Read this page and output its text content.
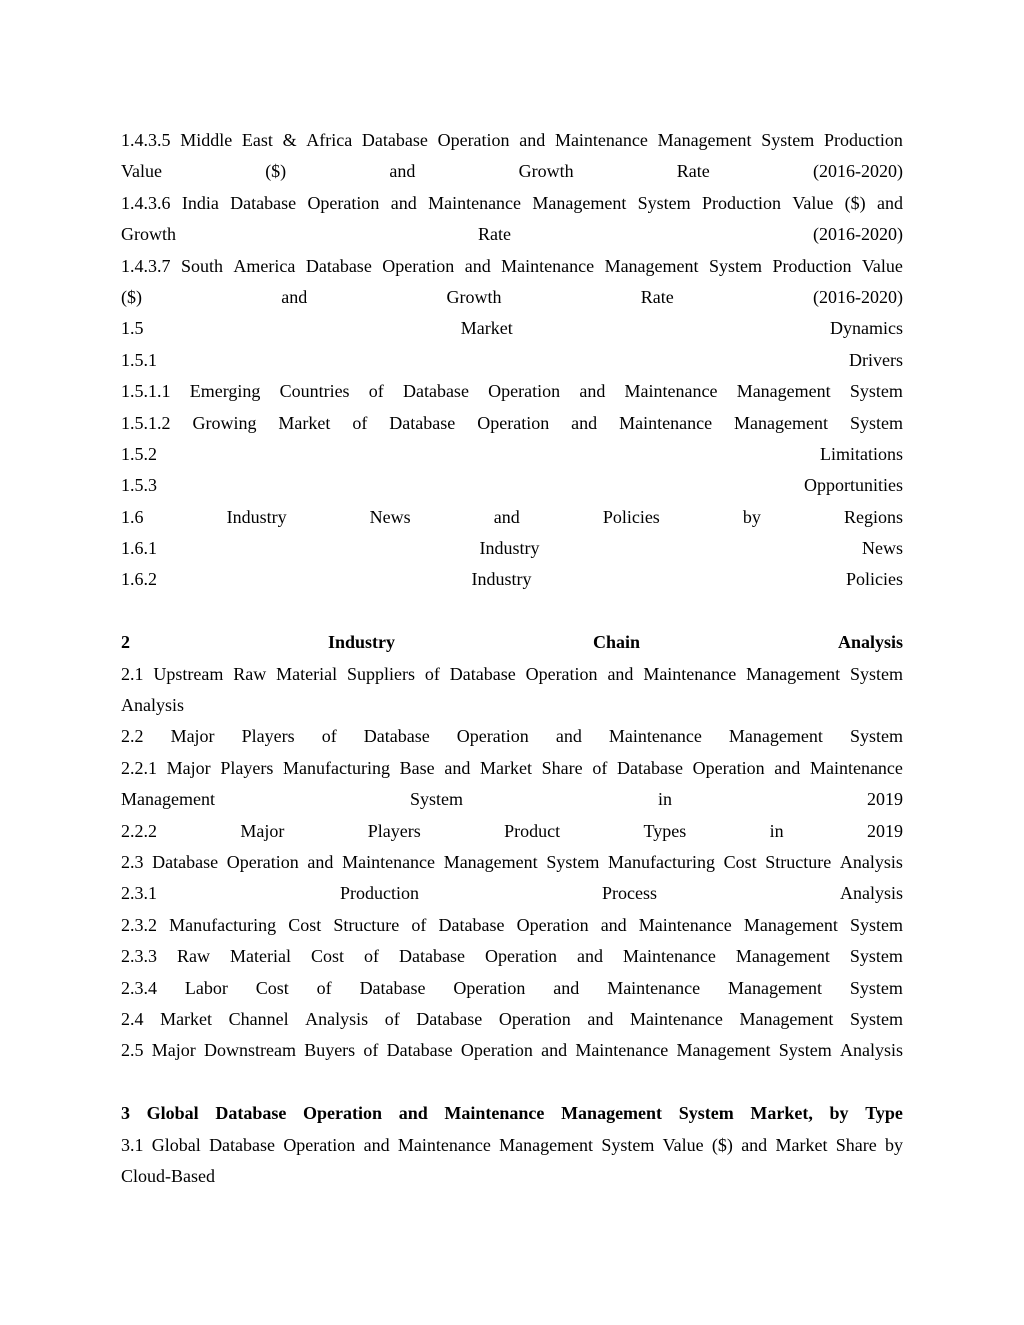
1.4.3.5 Middle East & Africa Database Operation and Maintenance Management System Production
Value	($)	and	Growth	Rate	(2016-2020)
1.4.3.6 India Database Operation and Maintenance Management System Production Value ($) and
Growth	Rate	(2016-2020)
1.4.3.7 South America Database Operation and Maintenance Management System Production Value
($)	and	Growth	Rate	(2016-2020)
1.5	Market	Dynamics
1.5.1	Drivers
1.5.1.1 Emerging Countries of Database Operation and Maintenance Management System
1.5.1.2 Growing Market of Database Operation and Maintenance Management System
1.5.2	Limitations
1.5.3	Opportunities
1.6	Industry	News	and	Policies	by	Regions
1.6.1	Industry	News
1.6.2	Industry	Policies
2	Industry	Chain	Analysis
2.1 Upstream Raw Material Suppliers of Database Operation and Maintenance Management System
Analysis
2.2 Major Players of Database Operation and Maintenance Management System
2.2.1 Major Players Manufacturing Base and Market Share of Database Operation and Maintenance
Management	System	in	2019
2.2.2	Major	Players	Product	Types	in	2019
2.3 Database Operation and Maintenance Management System Manufacturing Cost Structure Analysis
2.3.1	Production	Process	Analysis
2.3.2 Manufacturing Cost Structure of Database Operation and Maintenance Management System
2.3.3 Raw Material Cost of Database Operation and Maintenance Management System
2.3.4 Labor Cost of Database Operation and Maintenance Management System
2.4 Market Channel Analysis of Database Operation and Maintenance Management System
2.5 Major Downstream Buyers of Database Operation and Maintenance Management System Analysis
3 Global Database Operation and Maintenance Management System Market, by Type
3.1 Global Database Operation and Maintenance Management System Value ($) and Market Share by
Cloud-Based
